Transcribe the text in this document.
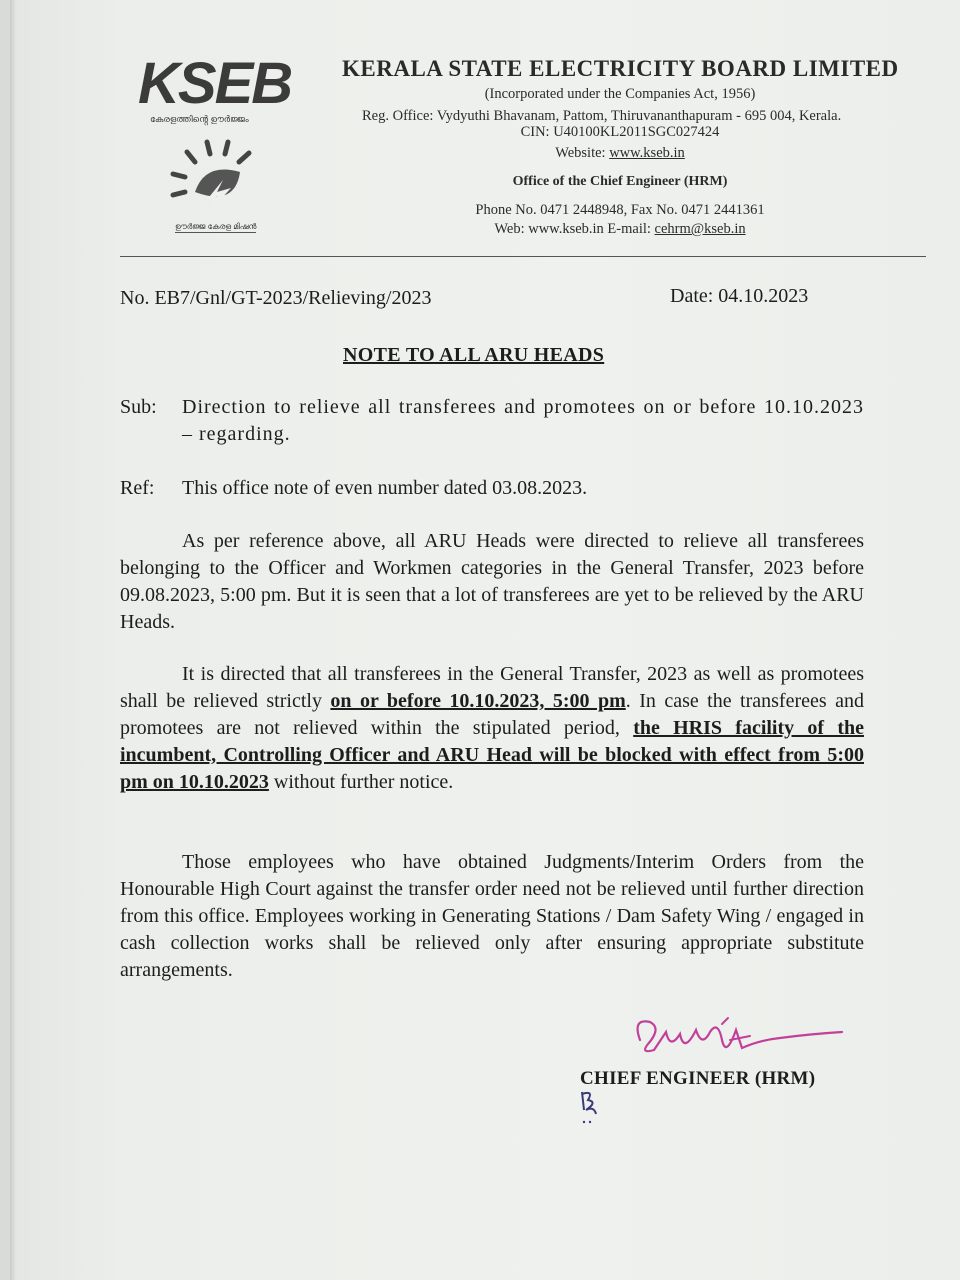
KSEB
കേരളത്തിൻ്റെ ഊർജ്ജം
ഊർജ്ജ കേരള മിഷൻ
KERALA STATE ELECTRICITY BOARD LIMITED
(Incorporated under the Companies Act, 1956)
Reg. Office: Vydyuthi Bhavanam, Pattom, Thiruvananthapuram - 695 004, Kerala.
CIN: U40100KL2011SGC027424
Website: www.kseb.in
Office of the Chief Engineer (HRM)
Phone No. 0471 2448948, Fax No. 0471 2441361
Web: www.kseb.in E-mail: cehrm@kseb.in
No. EB7/Gnl/GT-2023/Relieving/2023	Date: 04.10.2023
NOTE TO ALL ARU HEADS
Sub: Direction to relieve all transferees and promotees on or before 10.10.2023 – regarding.
Ref: This office note of even number dated 03.08.2023.
As per reference above, all ARU Heads were directed to relieve all transferees belonging to the Officer and Workmen categories in the General Transfer, 2023 before 09.08.2023, 5:00 pm. But it is seen that a lot of transferees are yet to be relieved by the ARU Heads.
It is directed that all transferees in the General Transfer, 2023 as well as promotees shall be relieved strictly on or before 10.10.2023, 5:00 pm. In case the transferees and promotees are not relieved within the stipulated period, the HRIS facility of the incumbent, Controlling Officer and ARU Head will be blocked with effect from 5:00 pm on 10.10.2023 without further notice.
Those employees who have obtained Judgments/Interim Orders from the Honourable High Court against the transfer order need not be relieved until further direction from this office. Employees working in Generating Stations / Dam Safety Wing / engaged in cash collection works shall be relieved only after ensuring appropriate substitute arrangements.
CHIEF ENGINEER (HRM)
